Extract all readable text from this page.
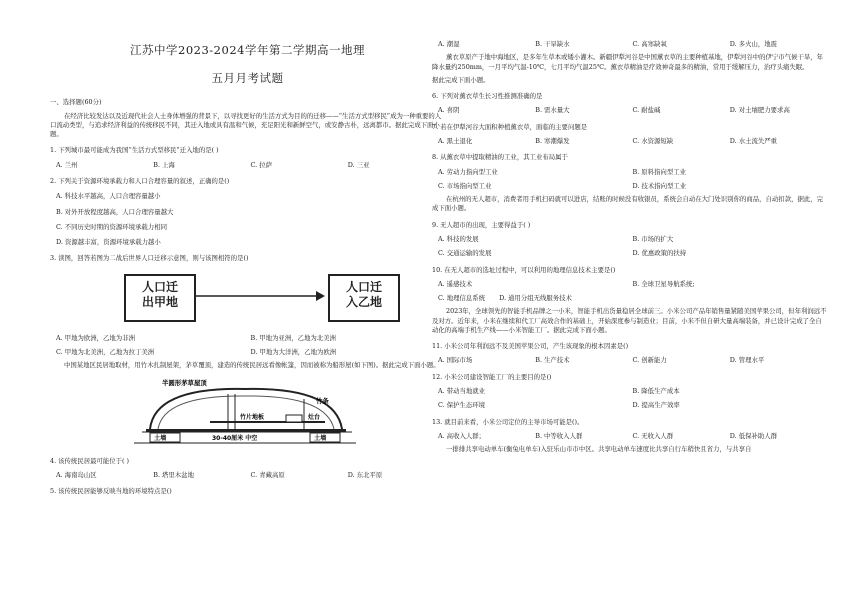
江苏中学2023-2024学年第二学期高一地理

五月月考试题

一、选择题(60分)

在经济比较发达以及近现代社会人士身体增强的背景下，以寻找更好的生活方式为目的的迁移——“生活方式型移民”成为一种重要的人口流动类型，与追求经济利益的传统移民不同，其迁入地或具有温和气候，充足阳光和新鲜空气，或安静古朴，远离都市。据此完成下面小题。

1. 下列城市最可能成为我国“生活方式型移民”迁入地的是( )

A. 兰州	B. 上海	C. 拉萨	D. 三亚

2. 下列关于资源环境承载力和人口合理容量的叙述，正确的是()

A. 科技水平越高，人口合理容量越小
B. 对外开放程度越高，人口合理容量越大
C. 不同历史时期的资源环境承载力相同
D. 资源越丰富，资源环境承载力越小

3. 读图，回答若图为二战后世界人口迁移示意图，则与该图相符的是()

人口迁
出甲地
人口迁
入乙地
A. 甲地为欧洲，乙地为非洲	B. 甲地为亚洲，乙地为北美洲
C. 甲地为北美洲，乙地为拉丁美洲	D. 甲地为大洋洲，乙地为欧洲

中国某地区民居地取材，用竹木扎制屋架，茅草覆顶，建造的传统民居远看像帐篷，因而被称为船形屋(如下图)。据此完成下面小题。

半圆形茅草屋顶
竹条
竹片地板	灶台
土墙	30-40厘米 中空	土墙

4. 该传统民居最可能位于( )

A. 海南岛山区	B. 塔里木盆地	C. 青藏高原	D. 东北平原

5. 该传统民居能够反映当地的环境特点是()

A. 潮湿	B. 干旱缺水	C. 高寒缺氧	D. 多火山，地震

薰衣草原产于地中海地区，是多年生草本或矮小灌木。新疆伊犁河谷是中国薰衣草的主要种植基地，伊犁河谷中的伊宁市气候干旱，年降水量约250mm，一月平均气温-10℃，七月平均气温25℃。薰衣草精油是疗效神奇最多的精油，常用于缓解压力，治疗头痛失眠。

据此完成下面小题。

6. 下列对薰衣草生长习性推测准确的是

A. 喜阴	B. 需水量大	C. 耐盐碱	D. 对土壤肥力要求高

7. 若在伊犁河谷大面积种植薰衣草，面临的主要问题是

A. 黑土退化	B. 寒潮爆发	C. 水资源短缺	D. 水土流失严重

8. 从薰衣草中提取精油的工业，其工业布局属于

A. 劳动力指向型工业	B. 原料指向型工业
C. 市场指向型工业	D. 技术指向型工业

在杭州的无人超市，消费者用手机扫码就可以进店，结账的时候没有收银员，系统会自动在大门处识别你的商品，自动扣款，据此，完成下面小题。

9. 无人超市的出现，主要得益于( )

A. 科技的发展	B. 市场的扩大
C. 交通运输的发展	D. 优惠政策的扶持

10. 在无人超市的选址过程中，可以利用的地理信息技术主要是()

A. 遥感技术	B. 全球卫星导航系统;
C. 地理信息系统 D. 通用分组无线服务技术

2023年，全球领先的智能手机品牌之一小米，智能手机出货量稳居全球前三。小米公司产品年销售量紧随美国苹果公司，但年利润远不及对方。近年来，小米在继续和代工厂高效合作的基础上，开始深度参与制造业；目前，小米不但自研大量高端装备，并已设计完成了全自动化的高端手机生产线——小米智能工厂。据此完成下面小题。

11. 小米公司年利润远不及美国苹果公司，产生该现象的根本因素是()

A. 国际市场	B. 生产技术	C. 创新能力	D. 管理水平

12. 小米公司建设智能工厂的主要目的是()

A. 带动当地就业	B. 降低生产成本
C. 保护生态环境	D. 提高生产效率

13. 就目前来看，小米公司定位的主导市场可能是()。

A. 高收入人群；	B. 中等收入人群	C. 无收入人群	D. 低保补助人群

一排排共享电动单车(衡兔电单车)入驻乐山市市中区。共享电动单车速度比共享自行车稍快且省力，与共享自
